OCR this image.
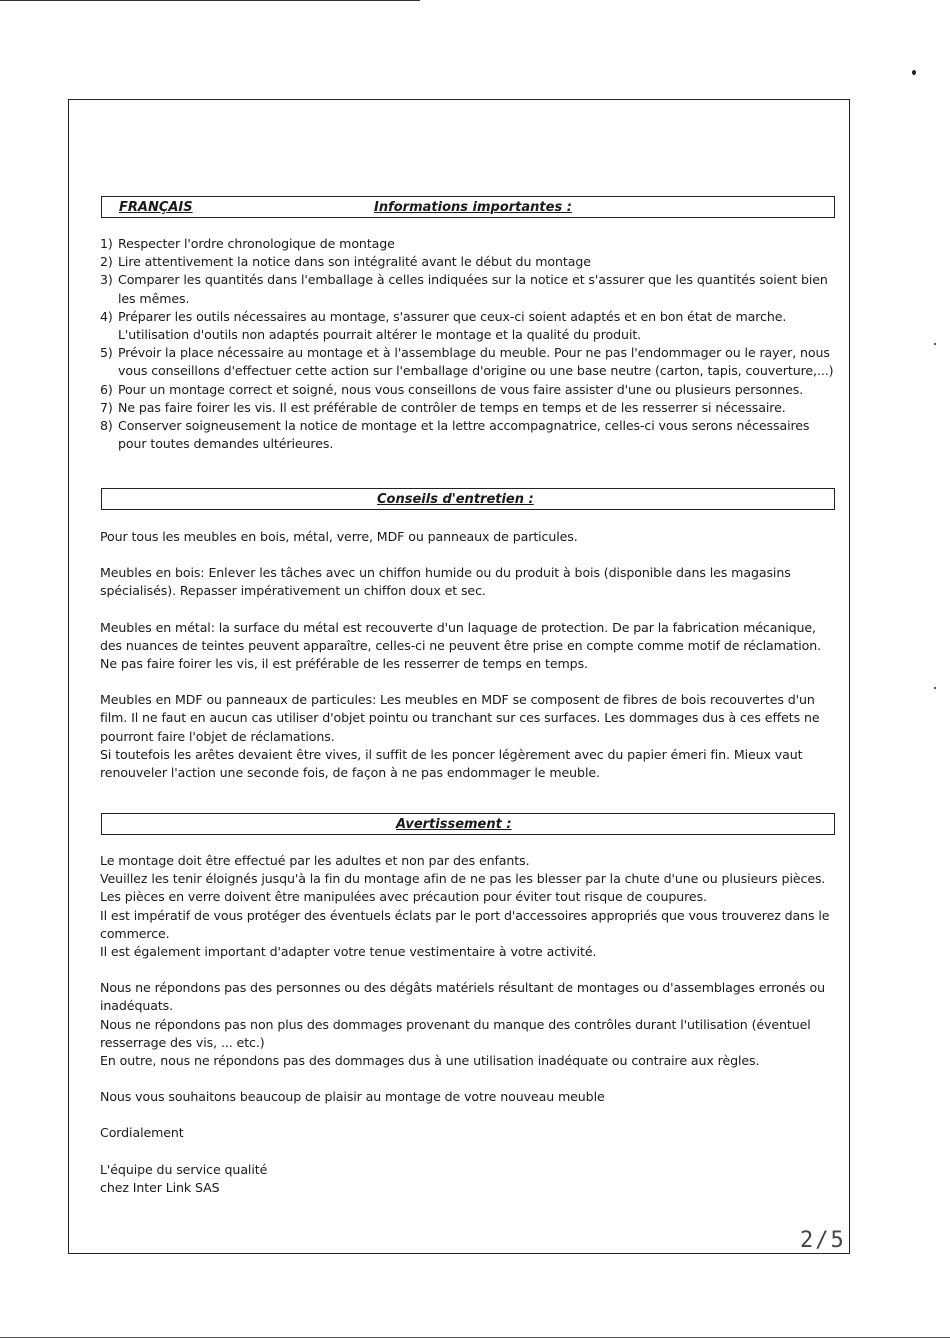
FRANÇAIS	Informations importantes :
1) Respecter l'ordre chronologique de montage
2) Lire attentivement la notice dans son intégralité avant le début du montage
3) Comparer les quantités dans l'emballage à celles indiquées sur la notice et s'assurer que les quantités soient bien les mêmes.
4) Préparer les outils nécessaires au montage, s'assurer que ceux-ci soient adaptés et en bon état de marche. L'utilisation d'outils non adaptés pourrait altérer le montage et la qualité du produit.
5) Prévoir la place nécessaire au montage et à l'assemblage du meuble. Pour ne pas l'endommager ou le rayer, nous vous conseillons d'effectuer cette action sur l'emballage d'origine ou une base neutre (carton, tapis, couverture,...)
6) Pour un montage correct et soigné, nous vous conseillons de vous faire assister d'une ou plusieurs personnes.
7) Ne pas faire foirer les vis. Il est préférable de contrôler de temps en temps et de les resserrer si nécessaire.
8) Conserver soigneusement la notice de montage et la lettre accompagnatrice, celles-ci vous serons nécessaires pour toutes demandes ultérieures.
Conseils d'entretien :

Pour tous les meubles en bois, métal, verre, MDF ou panneaux de particules.

Meubles en bois: Enlever les tâches avec un chiffon humide ou du produit à bois (disponible dans les magasins spécialisés). Repasser impérativement un chiffon doux et sec.

Meubles en métal: la surface du métal est recouverte d'un laquage de protection. De par la fabrication mécanique, des nuances de teintes peuvent apparaître, celles-ci ne peuvent être prise en compte comme motif de réclamation. Ne pas faire foirer les vis, il est préférable de les resserrer de temps en temps.

Meubles en MDF ou panneaux de particules: Les meubles en MDF se composent de fibres de bois recouvertes d'un film. Il ne faut en aucun cas utiliser d'objet pointu ou tranchant sur ces surfaces. Les dommages dus à ces effets ne pourront faire l'objet de réclamations.

Si toutefois les arêtes devaient être vives, il suffit de les poncer légèrement avec du papier émeri fin. Mieux vaut renouveler l'action une seconde fois, de façon à ne pas endommager le meuble.

Avertissement :

Le montage doit être effectué par les adultes et non par des enfants.

Veuillez les tenir éloignés jusqu'à la fin du montage afin de ne pas les blesser par la chute d'une ou plusieurs pièces.

Les pièces en verre doivent être manipulées avec précaution pour éviter tout risque de coupures.

Il est impératif de vous protéger des éventuels éclats par le port d'accessoires appropriés que vous trouverez dans le commerce.

Il est également important d'adapter votre tenue vestimentaire à votre activité.

Nous ne répondons pas des personnes ou des dégâts matériels résultant de montages ou d'assemblages erronés ou inadéquats.

Nous ne répondons pas non plus des dommages provenant du manque des contrôles durant l'utilisation (éventuel resserrage des vis, ... etc.)

En outre, nous ne répondons pas des dommages dus à une utilisation inadéquate ou contraire aux règles.

Nous vous souhaitons beaucoup de plaisir au montage de votre nouveau meuble

Cordialement

L'équipe du service qualité

chez Inter Link SAS

2/5
